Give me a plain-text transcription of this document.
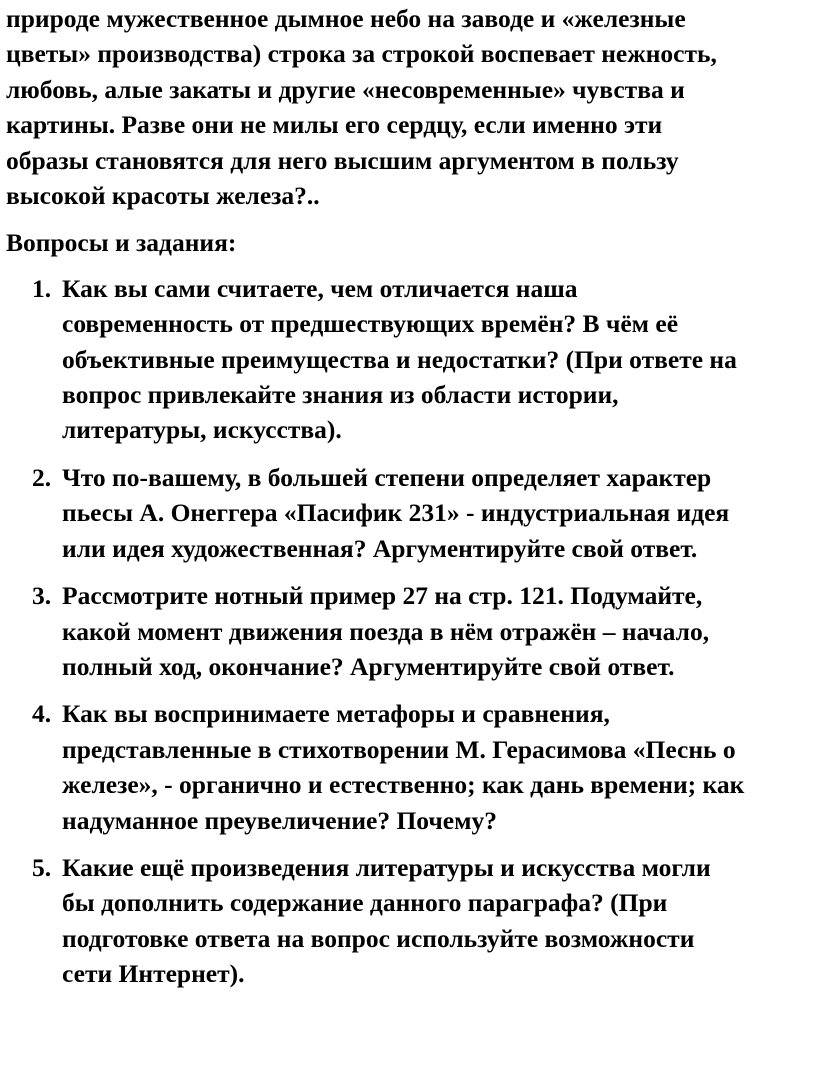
природе мужественное дымное небо на заводе и «железные
цветы» производства) строка за строкой воспевает нежность,
любовь, алые закаты и другие «несовременные» чувства и
картины. Разве они не милы его сердцу, если именно эти
образы становятся для него высшим аргументом в пользу
высокой красоты железа?..

Вопросы и задания:

1. Как вы сами считаете, чем отличается наша
современность от предшествующих времён? В чём её
объективные преимущества и недостатки? (При ответе на
вопрос привлекайте знания из области истории,
литературы, искусства).
2. Что по-вашему, в большей степени определяет характер
пьесы А. Онеггера «Пасифик 231» - индустриальная идея
или идея художественная? Аргументируйте свой ответ.
3. Рассмотрите нотный пример 27 на стр. 121. Подумайте,
какой момент движения поезда в нём отражён – начало,
полный ход, окончание? Аргументируйте свой ответ.
4. Как вы воспринимаете метафоры и сравнения,
представленные в стихотворении М. Герасимова «Песнь о
железе», - органично и естественно; как дань времени; как
надуманное преувеличение? Почему?
5. Какие ещё произведения литературы и искусства могли
бы дополнить содержание данного параграфа? (При
подготовке ответа на вопрос используйте возможности
сети Интернет).
